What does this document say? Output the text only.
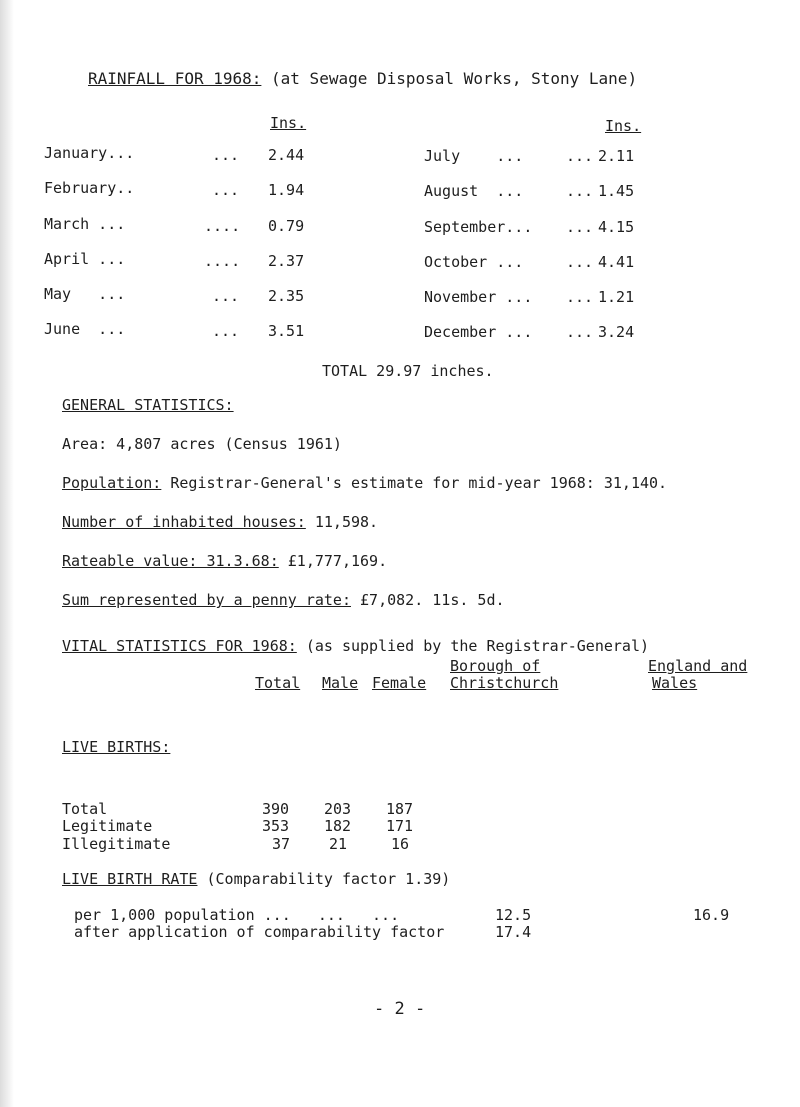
RAINFALL FOR 1968: (at Sewage Disposal Works, Stony Lane)
Ins.	Ins.
January...	... 2.44
February..	... 1.94
March ...	.... 0.79
April ...	.... 2.37
May   ...	... 2.35
June  ...	... 3.51
July    ...	... 2.11
August  ...	... 1.45
September... ... 4.15
October ...	... 4.41
November ... ... 1.21
December ... ... 3.24
TOTAL 29.97 inches.
GENERAL STATISTICS:
Area: 4,807 acres (Census 1961)
Population: Registrar-General's estimate for mid-year 1968: 31,140.
Number of inhabited houses: 11,598.
Rateable value: 31.3.68: £1,777,169.
Sum represented by a penny rate: £7,082. 11s. 5d.
VITAL STATISTICS FOR 1968: (as supplied by the Registrar-General)
Borough of	England and
Total Male Female Christchurch	Wales
LIVE BIRTHS:
Total	390 203 187
Legitimate	353 182 171
Illegitimate	37	21	16
LIVE BIRTH RATE (Comparability factor 1.39)
per 1,000 population ...   ...   ...	12.5	16.9
after application of comparability factor	17.4
- 2 -
